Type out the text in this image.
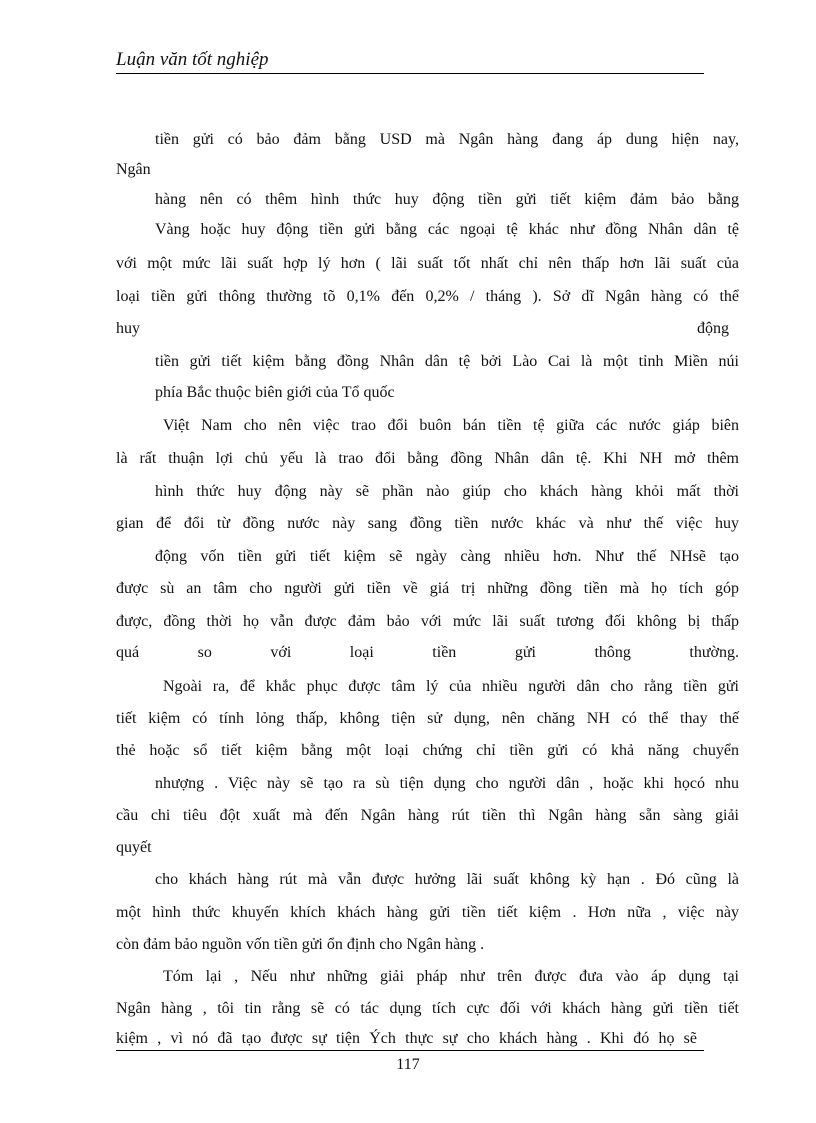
Luận văn tốt nghiệp
tiền gửi có bảo đảm bằng USD mà Ngân hàng đang áp dung hiện nay,
Ngân
hàng nên có thêm hình thức huy động tiền gửi tiết kiệm đảm bảo bằng
Vàng hoặc huy động tiền gửi bằng các ngoại tệ khác như đồng Nhân dân tệ
với một mức lãi suất hợp lý hơn ( lãi suất tốt nhất chỉ nên thấp hơn lãi suất của
loại tiền gửi thông thường tõ 0,1% đến 0,2% / tháng ). Sở dĩ Ngân hàng có thể
huy	động
tiền gửi tiết kiệm bằng đồng Nhân dân tệ bởi Lào Cai là một tỉnh Miền núi
phía Bắc thuộc biên giới của Tổ quốc
Việt Nam cho nên việc trao đổi buôn bán tiền tệ giữa các nước giáp biên
là rất thuận lợi chủ yếu là trao đổi bằng đồng Nhân dân tệ. Khi NH mở thêm
hình thức huy động này sẽ phần nào giúp cho khách hàng khỏi mất thời
gian để đổi từ đồng nước này sang đồng tiền nước khác và như thế việc huy
động vốn tiền gửi tiết kiệm sẽ ngày càng nhiều hơn. Như thế NHsẽ tạo
được sù an tâm cho người gửi tiền về giá trị những đồng tiền mà họ tích góp
được, đồng thời họ vẫn được đảm bảo với mức lãi suất tương đối không bị thấp
quá so với loại tiền gửi thông thường.
Ngoài ra, để khắc phục được tâm lý của nhiều người dân cho rằng tiền gửi
tiết kiệm có tính lỏng thấp, không tiện sử dụng, nên chăng NH có thể thay thế
thẻ hoặc sổ tiết kiệm bằng một loại chứng chỉ tiền gửi có khả năng chuyển
nhượng . Việc này sẽ tạo ra sù tiện dụng cho người dân , hoặc khi họcó nhu
cầu chi tiêu đột xuất mà đến Ngân hàng rút tiền thì Ngân hàng sẵn sàng giải
quyết
cho khách hàng rút mà vẫn được hưởng lãi suất không kỳ hạn . Đó cũng là
một hình thức khuyến khích khách hàng gửi tiền tiết kiệm . Hơn nữa , việc này
còn đảm bảo nguồn vốn tiền gửi ổn định cho Ngân hàng .
Tóm lại , Nếu như những giải pháp như trên được đưa vào áp dụng tại
Ngân hàng , tôi tin rằng sẽ có tác dụng tích cực đối với khách hàng gửi tiền tiết
kiệm , vì nó đã tạo được sự tiện Ých thực sự cho khách hàng . Khi đó họ sẽ
117
